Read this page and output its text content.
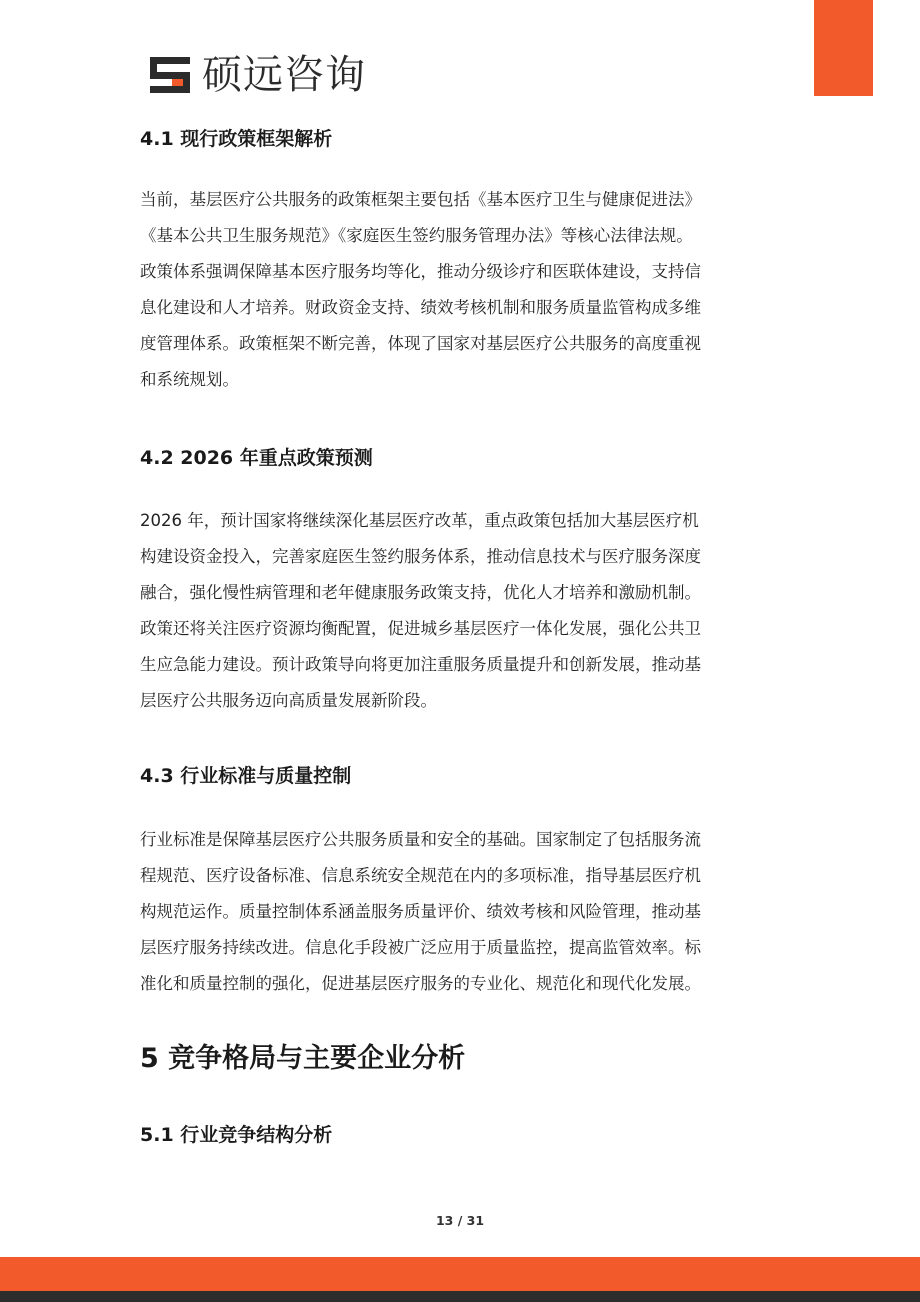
硕远咨询
4.1 现行政策框架解析
当前，基层医疗公共服务的政策框架主要包括《基本医疗卫生与健康促进法》
《基本公共卫生服务规范》《家庭医生签约服务管理办法》等核心法律法规。
政策体系强调保障基本医疗服务均等化，推动分级诊疗和医联体建设，支持信
息化建设和人才培养。财政资金支持、绩效考核机制和服务质量监管构成多维
度管理体系。政策框架不断完善，体现了国家对基层医疗公共服务的高度重视
和系统规划。
4.2 2026 年重点政策预测
2026 年，预计国家将继续深化基层医疗改革，重点政策包括加大基层医疗机
构建设资金投入，完善家庭医生签约服务体系，推动信息技术与医疗服务深度
融合，强化慢性病管理和老年健康服务政策支持，优化人才培养和激励机制。
政策还将关注医疗资源均衡配置，促进城乡基层医疗一体化发展，强化公共卫
生应急能力建设。预计政策导向将更加注重服务质量提升和创新发展，推动基
层医疗公共服务迈向高质量发展新阶段。
4.3 行业标准与质量控制
行业标准是保障基层医疗公共服务质量和安全的基础。国家制定了包括服务流
程规范、医疗设备标准、信息系统安全规范在内的多项标准，指导基层医疗机
构规范运作。质量控制体系涵盖服务质量评价、绩效考核和风险管理，推动基
层医疗服务持续改进。信息化手段被广泛应用于质量监控，提高监管效率。标
准化和质量控制的强化，促进基层医疗服务的专业化、规范化和现代化发展。
5 竞争格局与主要企业分析
5.1 行业竞争结构分析
13 / 31
